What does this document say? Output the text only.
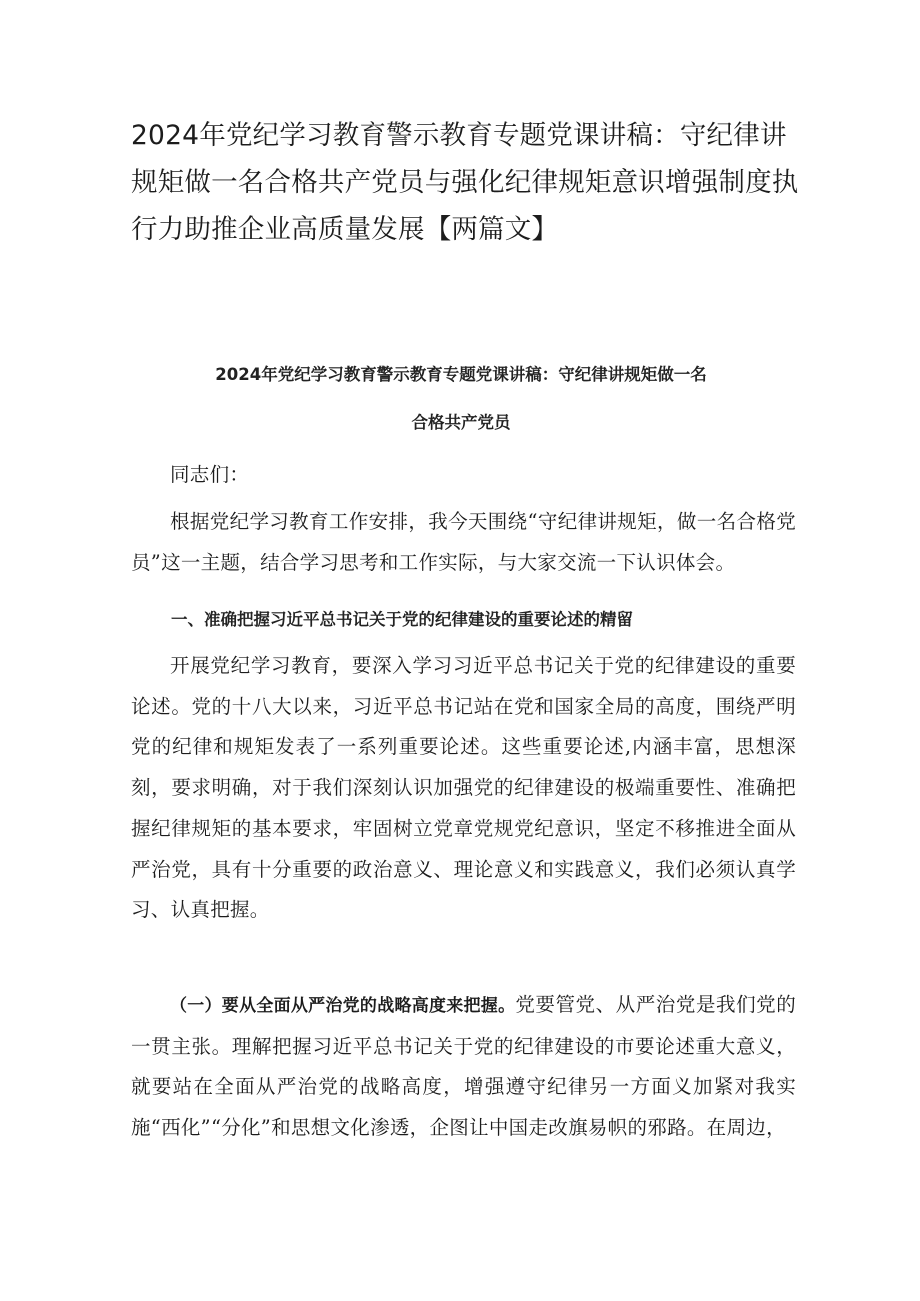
2024年党纪学习教育警示教育专题党课讲稿：守纪律讲规矩做一名合格共产党员与强化纪律规矩意识增强制度执行力助推企业高质量发展【两篇文】

2024年党纪学习教育警示教育专题党课讲稿：守纪律讲规矩做一名

合格共产党员

同志们：

根据党纪学习教育工作安排，我今天围绕“守纪律讲规矩，做一名合格党员”这一主题，结合学习思考和工作实际，与大家交流一下认识体会。

一、准确把握习近平总书记关于党的纪律建设的重要论述的精留

开展党纪学习教育，要深入学习习近平总书记关于党的纪律建设的重要论述。党的十八大以来，习近平总书记站在党和国家全局的高度，围绕严明党的纪律和规矩发表了一系列重要论述。这些重要论述,内涵丰富，思想深刻，要求明确，对于我们深刻认识加强党的纪律建设的极端重要性、准确把握纪律规矩的基本要求，牢固树立党章党规党纪意识，坚定不移推进全面从严治党，具有十分重要的政治意义、理论意义和实践意义，我们必须认真学习、认真把握。

（一）要从全面从严治党的战略高度来把握。党要管党、从严治党是我们党的一贯主张。理解把握习近平总书记关于党的纪律建设的市要论述重大意义，就要站在全面从严治党的战略高度，增强遵守纪律另一方面义加紧对我实施“西化”“分化”和思想文化渗透，企图让中国走改旗易帜的邪路。在周边，
